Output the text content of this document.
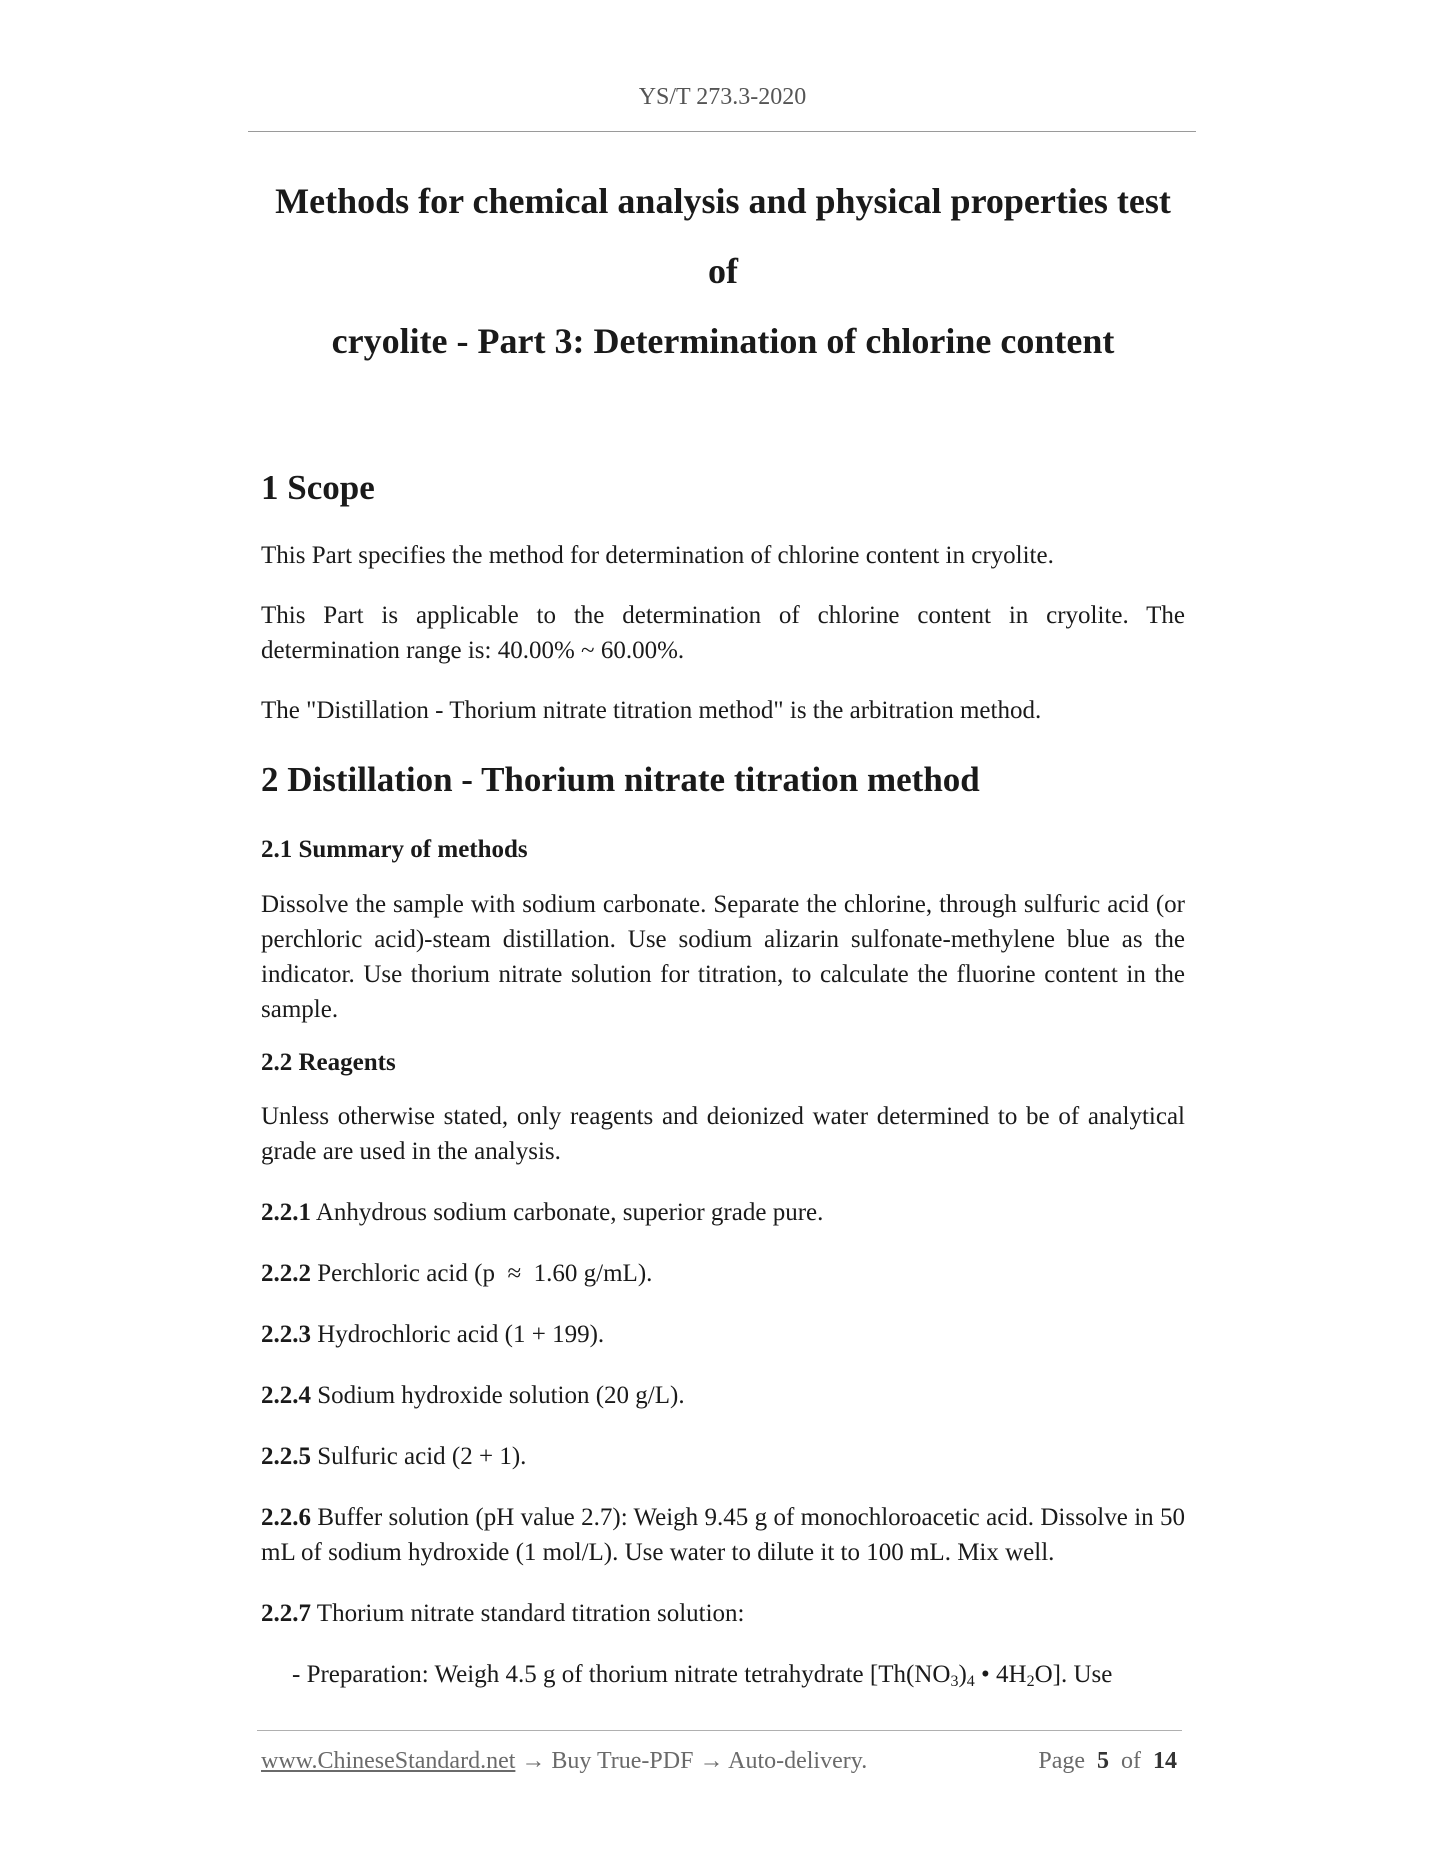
YS/T 273.3-2020
Methods for chemical analysis and physical properties test of
cryolite - Part 3: Determination of chlorine content
1 Scope

This Part specifies the method for determination of chlorine content in cryolite.

This Part is applicable to the determination of chlorine content in cryolite. The determination range is: 40.00% ~ 60.00%.

The "Distillation - Thorium nitrate titration method" is the arbitration method.

2 Distillation - Thorium nitrate titration method
2.1 Summary of methods

Dissolve the sample with sodium carbonate. Separate the chlorine, through sulfuric acid (or perchloric acid)-steam distillation. Use sodium alizarin sulfonate-methylene blue as the indicator. Use thorium nitrate solution for titration, to calculate the fluorine content in the sample.

2.2 Reagents

Unless otherwise stated, only reagents and deionized water determined to be of analytical grade are used in the analysis.

2.2.1 Anhydrous sodium carbonate, superior grade pure.

2.2.2 Perchloric acid (p  ≈  1.60 g/mL).

2.2.3 Hydrochloric acid (1 + 199).

2.2.4 Sodium hydroxide solution (20 g/L).

2.2.5 Sulfuric acid (2 + 1).

2.2.6 Buffer solution (pH value 2.7): Weigh 9.45 g of monochloroacetic acid. Dissolve in 50 mL of sodium hydroxide (1 mol/L). Use water to dilute it to 100 mL. Mix well.

2.2.7 Thorium nitrate standard titration solution:

- Preparation: Weigh 4.5 g of thorium nitrate tetrahydrate [$Th(NO_3)_4$ • $4H_2O$]. Use

www.ChineseStandard.net → Buy True-PDF → Auto-delivery.	Page 5 of 14
